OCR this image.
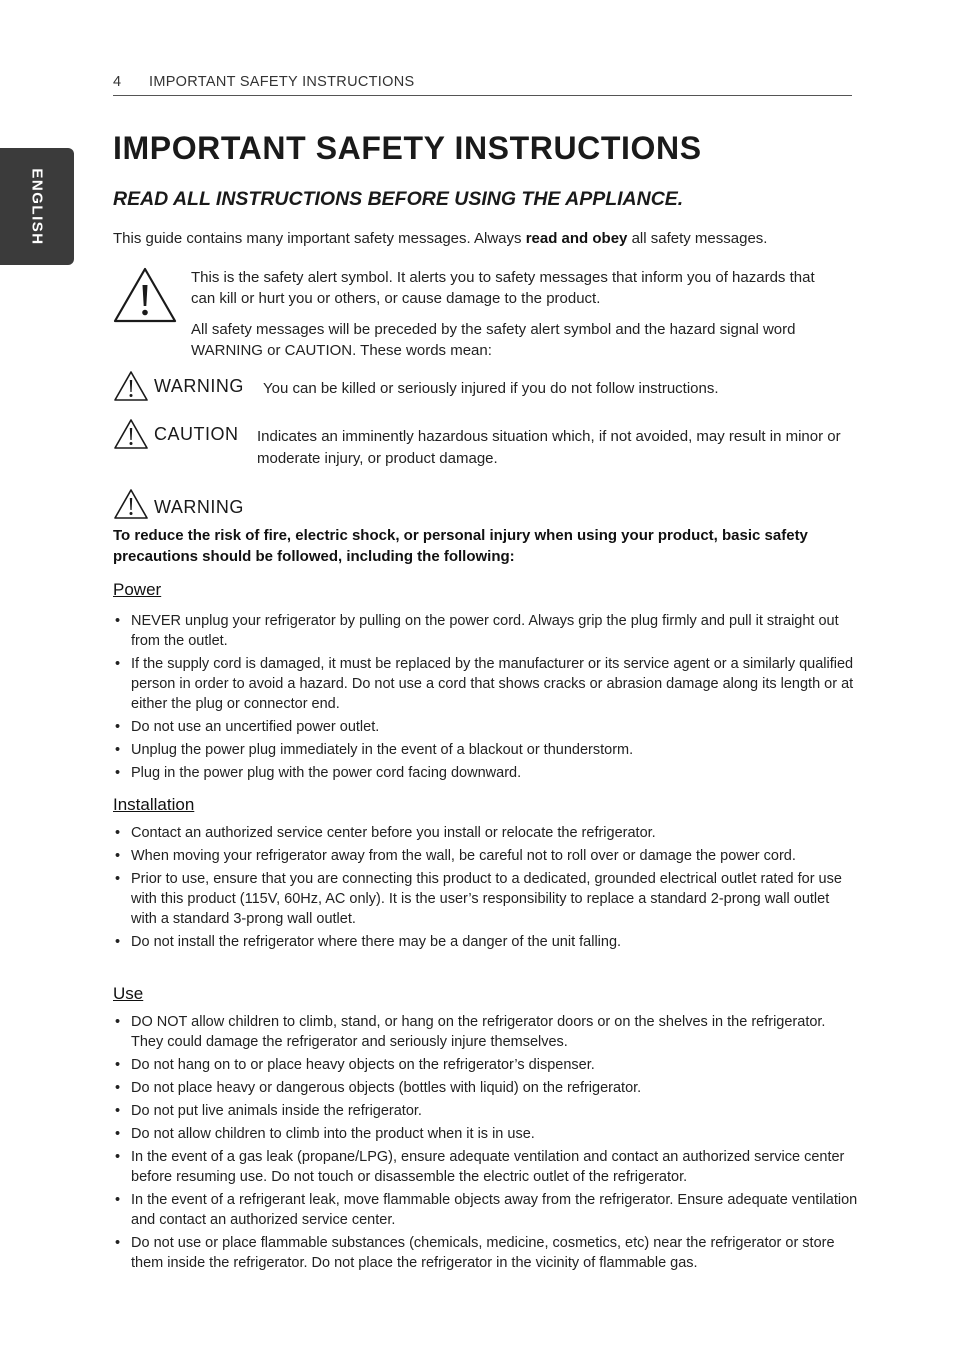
4 IMPORTANT SAFETY INSTRUCTIONS
ENGLISH
IMPORTANT SAFETY INSTRUCTIONS
READ ALL INSTRUCTIONS BEFORE USING THE APPLIANCE.
This guide contains many important safety messages. Always read and obey all safety messages.
This is the safety alert symbol. It alerts you to safety messages that inform you of hazards that can kill or hurt you or others, or cause damage to the product.
All safety messages will be preceded by the safety alert symbol and the hazard signal word WARNING or CAUTION. These words mean:
WARNING You can be killed or seriously injured if you do not follow instructions.
CAUTION Indicates an imminently hazardous situation which, if not avoided, may result in minor or moderate injury, or product damage.
WARNING
To reduce the risk of fire, electric shock, or personal injury when using your product, basic safety precautions should be followed, including the following:
Power
• NEVER unplug your refrigerator by pulling on the power cord. Always grip the plug firmly and pull it straight out from the outlet.
• If the supply cord is damaged, it must be replaced by the manufacturer or its service agent or a similarly qualified person in order to avoid a hazard. Do not use a cord that shows cracks or abrasion damage along its length or at either the plug or connector end.
• Do not use an uncertified power outlet.
• Unplug the power plug immediately in the event of a blackout or thunderstorm.
• Plug in the power plug with the power cord facing downward.
Installation
• Contact an authorized service center before you install or relocate the refrigerator.
• When moving your refrigerator away from the wall, be careful not to roll over or damage the power cord.
• Prior to use, ensure that you are connecting this product to a dedicated, grounded electrical outlet rated for use with this product (115V, 60Hz, AC only). It is the user’s responsibility to replace a standard 2-prong wall outlet with a standard 3-prong wall outlet.
• Do not install the refrigerator where there may be a danger of the unit falling.
Use
• DO NOT allow children to climb, stand, or hang on the refrigerator doors or on the shelves in the refrigerator. They could damage the refrigerator and seriously injure themselves.
• Do not hang on to or place heavy objects on the refrigerator’s dispenser.
• Do not place heavy or dangerous objects (bottles with liquid) on the refrigerator.
• Do not put live animals inside the refrigerator.
• Do not allow children to climb into the product when it is in use.
• In the event of a gas leak (propane/LPG), ensure adequate ventilation and contact an authorized service center before resuming use. Do not touch or disassemble the electric outlet of the refrigerator.
• In the event of a refrigerant leak, move flammable objects away from the refrigerator. Ensure adequate ventilation and contact an authorized service center.
• Do not use or place flammable substances (chemicals, medicine, cosmetics, etc) near the refrigerator or store them inside the refrigerator. Do not place the refrigerator in the vicinity of flammable gas.
